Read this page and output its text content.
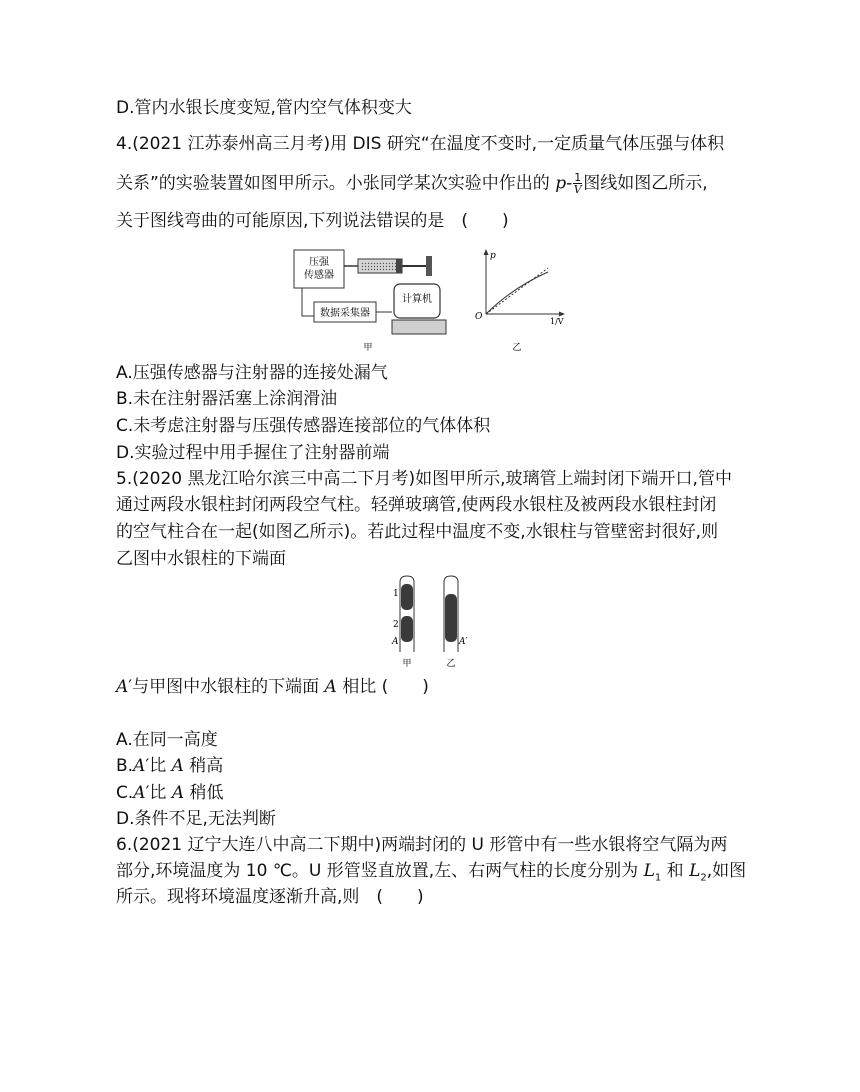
D.管内水银长度变短,管内空气体积变大
4.(2021 江苏泰州高三月考)用 DIS 研究“在温度不变时,一定质量气体压强与体积
关系”的实验装置如图甲所示。小张同学某次实验中作出的 $p- \frac{1}{V}$ 图线如图乙所示,
关于图线弯曲的可能原因,下列说法错误的是　(　　)
压强
传感器
数据采集器
计算机
甲
p
O	1/V
乙
A.压强传感器与注射器的连接处漏气
B.未在注射器活塞上涂润滑油
C.未考虑注射器与压强传感器连接部位的气体体积
D.实验过程中用手握住了注射器前端
5.(2020 黑龙江哈尔滨三中高二下月考)如图甲所示,玻璃管上端封闭下端开口,管中
通过两段水银柱封闭两段空气柱。轻弹玻璃管,使两段水银柱及被两段水银柱封闭
的空气柱合在一起(如图乙所示)。若此过程中温度不变,水银柱与管壁密封很好,则
乙图中水银柱的下端面
1
2
A	A′
甲	乙
A′与甲图中水银柱的下端面 A 相比 (　　)
A.在同一高度
B.A′比 A 稍高
C.A′比 A 稍低
D.条件不足,无法判断
6.(2021 辽宁大连八中高二下期中)两端封闭的 U 形管中有一些水银将空气隔为两
部分,环境温度为 10 ℃。U 形管竖直放置,左、右两气柱的长度分别为 $L_1$ 和 $L_2$,如图
所示。现将环境温度逐渐升高,则　(　　)
